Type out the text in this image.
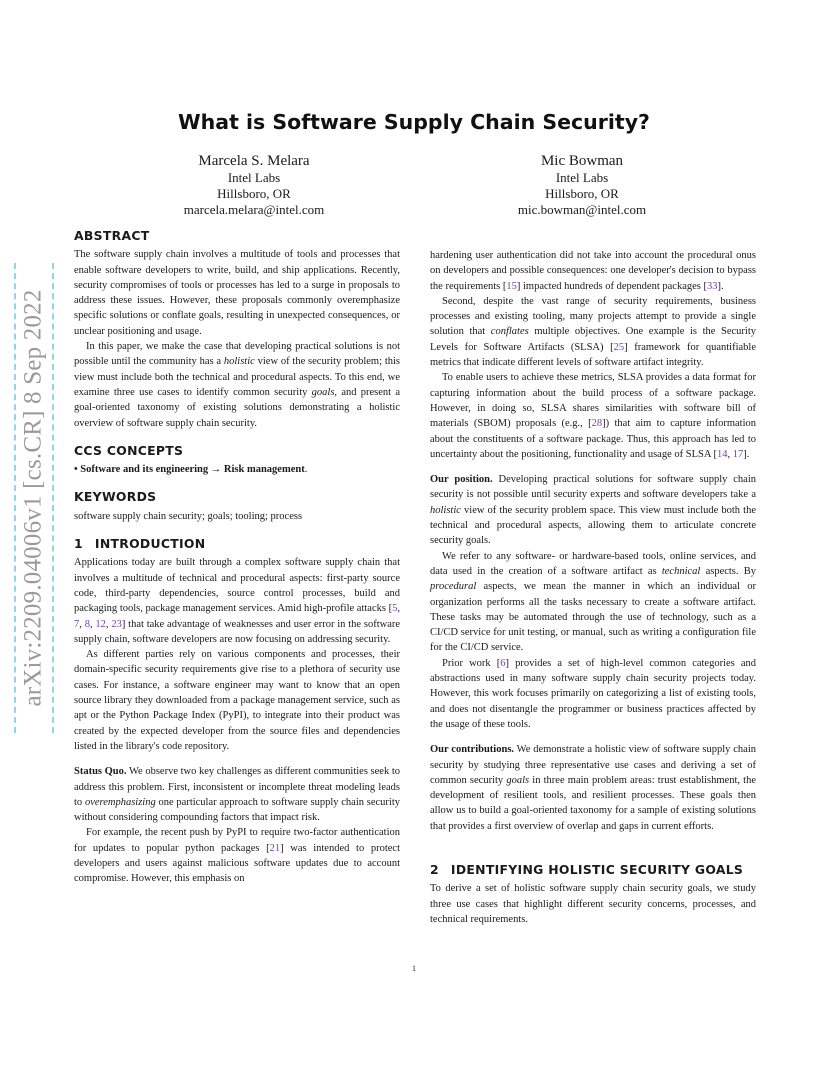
arXiv:2209.04006v1 [cs.CR] 8 Sep 2022
What is Software Supply Chain Security?
Marcela S. Melara
Intel Labs
Hillsboro, OR
marcela.melara@intel.com
Mic Bowman
Intel Labs
Hillsboro, OR
mic.bowman@intel.com
ABSTRACT

The software supply chain involves a multitude of tools and processes that enable software developers to write, build, and ship applications. Recently, security compromises of tools or processes has led to a surge in proposals to address these issues. However, these proposals commonly overemphasize specific solutions or conflate goals, resulting in unexpected consequences, or unclear positioning and usage.

In this paper, we make the case that developing practical solutions is not possible until the community has a holistic view of the security problem; this view must include both the technical and procedural aspects. To this end, we examine three use cases to identify common security goals, and present a goal-oriented taxonomy of existing solutions demonstrating a holistic overview of software supply chain security.

CCS CONCEPTS

• Software and its engineering → Risk management.

KEYWORDS

software supply chain security; goals; tooling; process

1 INTRODUCTION

Applications today are built through a complex software supply chain that involves a multitude of technical and procedural aspects: first-party source code, third-party dependencies, source control processes, build and packaging tools, package management services. Amid high-profile attacks [5, 7, 8, 12, 23] that take advantage of weaknesses and user error in the software supply chain, software developers are now focusing on addressing security.

As different parties rely on various components and processes, their domain-specific security requirements give rise to a plethora of security use cases. For instance, a software engineer may want to know that an open source library they downloaded from a package management service, such as apt or the Python Package Index (PyPI), to integrate into their product was created by the expected developer from the source files and dependencies listed in the library's code repository.

Status Quo. We observe two key challenges as different communities seek to address this problem. First, inconsistent or incomplete threat modeling leads to overemphasizing one particular approach to software supply chain security without considering compounding factors that impact risk.

For example, the recent push by PyPI to require two-factor authentication for updates to popular python packages [21] was intended to protect developers and users against malicious software updates due to account compromise. However, this emphasis on

hardening user authentication did not take into account the procedural onus on developers and possible consequences: one developer's decision to bypass the requirements [15] impacted hundreds of dependent packages [33].

Second, despite the vast range of security requirements, business processes and existing tooling, many projects attempt to provide a single solution that conflates multiple objectives. One example is the Security Levels for Software Artifacts (SLSA) [25] framework for quantifiable metrics that indicate different levels of software artifact integrity.

To enable users to achieve these metrics, SLSA provides a data format for capturing information about the build process of a software package. However, in doing so, SLSA shares similarities with software bill of materials (SBOM) proposals (e.g., [28]) that aim to capture information about the constituents of a software package. Thus, this approach has led to uncertainty about the positioning, functionality and usage of SLSA [14, 17].

Our position. Developing practical solutions for software supply chain security is not possible until security experts and software developers take a holistic view of the security problem space. This view must include both the technical and procedural aspects, allowing them to articulate concrete security goals.

We refer to any software- or hardware-based tools, online services, and data used in the creation of a software artifact as technical aspects. By procedural aspects, we mean the manner in which an individual or organization performs all the tasks necessary to create a software artifact. These tasks may be automated through the use of technology, such as a CI/CD service for unit testing, or manual, such as writing a configuration file for the CI/CD service.

Prior work [6] provides a set of high-level common categories and abstractions used in many software supply chain security projects today. However, this work focuses primarily on categorizing a list of existing tools, and does not disentangle the programmer or business practices affected by the usage of these tools.

Our contributions. We demonstrate a holistic view of software supply chain security by studying three representative use cases and deriving a set of common security goals in three main problem areas: trust establishment, the development of resilient tools, and resilient processes. These goals then allow us to build a goal-oriented taxonomy for a sample of existing solutions that provides a first overview of overlap and gaps in current efforts.

2 IDENTIFYING HOLISTIC SECURITY GOALS

To derive a set of holistic software supply chain security goals, we study three use cases that highlight different security concerns, processes, and technical requirements.

1
